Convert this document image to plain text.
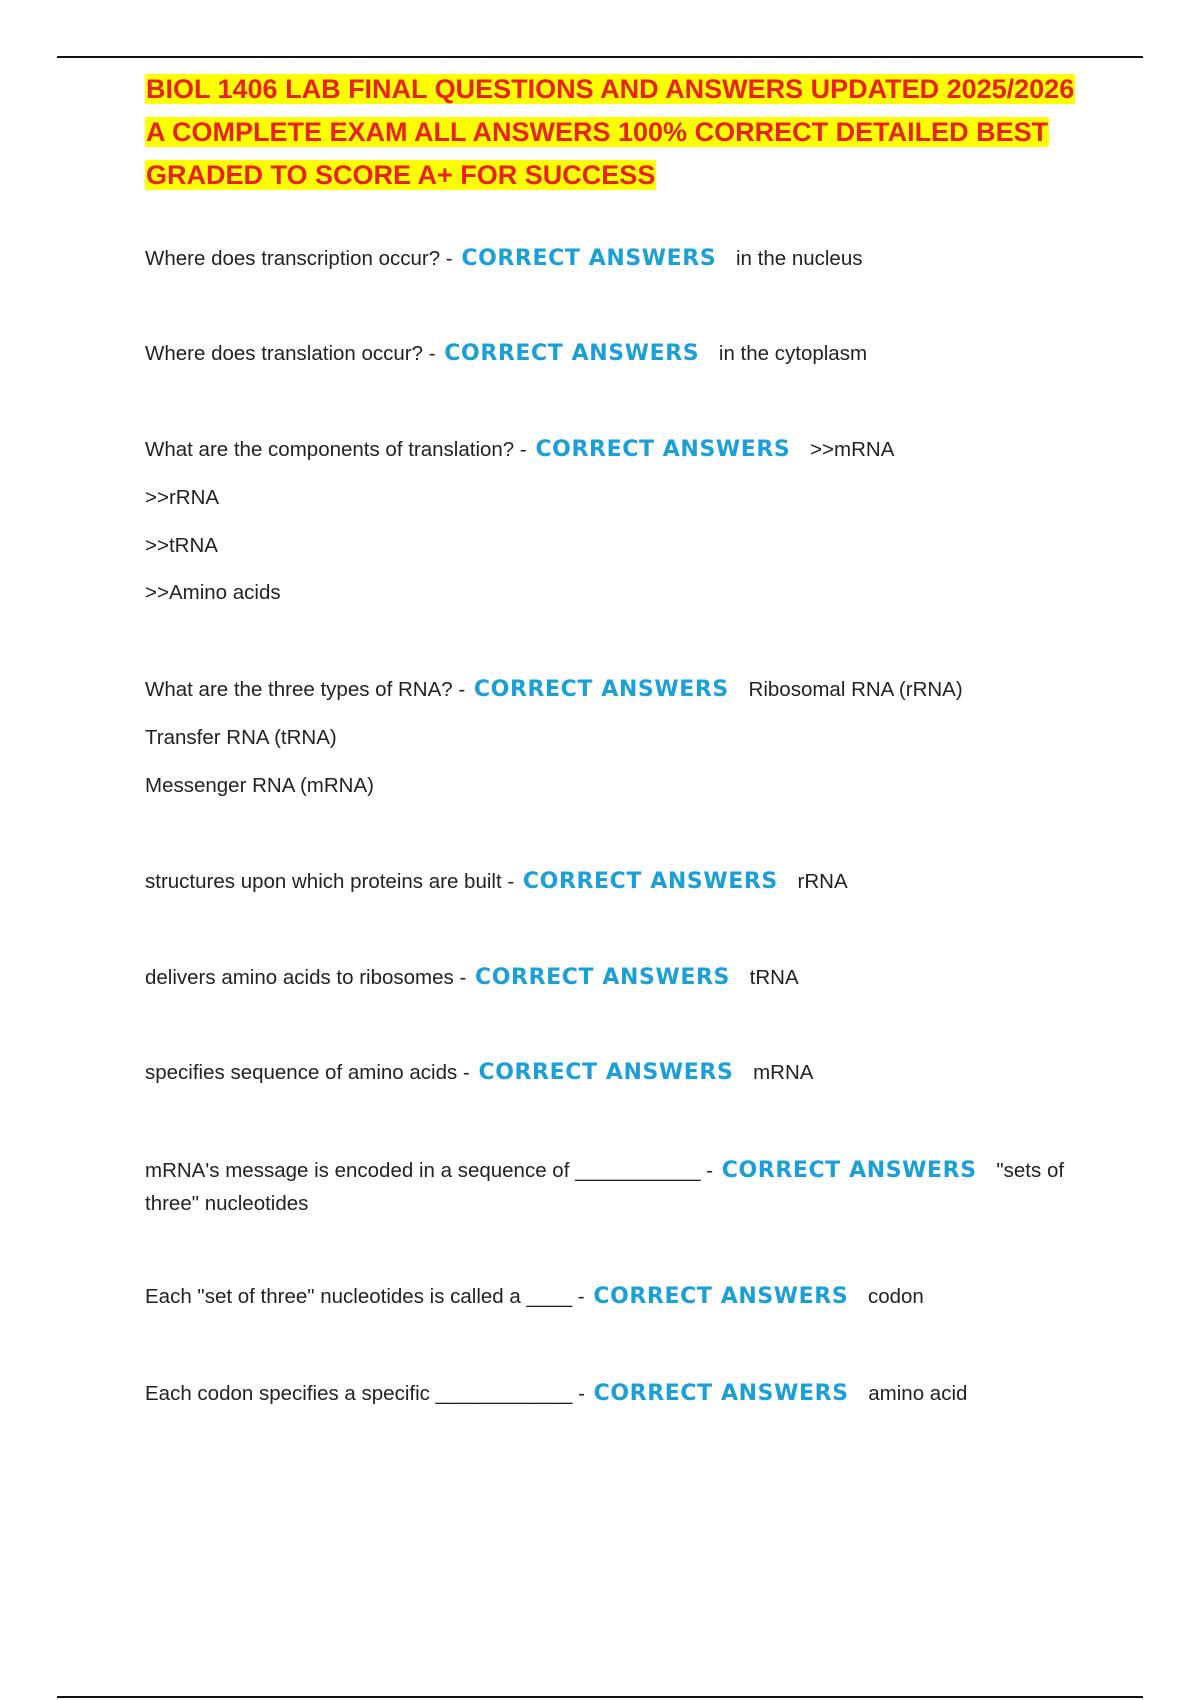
BIOL 1406 LAB FINAL QUESTIONS AND ANSWERS UPDATED 2025/2026
A COMPLETE EXAM ALL ANSWERS 100% CORRECT DETAILED BEST
GRADED TO SCORE A+ FOR SUCCESS
Where does transcription occur? - CORRECT ANSWERS in the nucleus
Where does translation occur? - CORRECT ANSWERS in the cytoplasm
What are the components of translation? - CORRECT ANSWERS >>mRNA
>>rRNA
>>tRNA
>>Amino acids
What are the three types of RNA? - CORRECT ANSWERS Ribosomal RNA (rRNA)
Transfer RNA (tRNA)
Messenger RNA (mRNA)
structures upon which proteins are built - CORRECT ANSWERS rRNA
delivers amino acids to ribosomes - CORRECT ANSWERS tRNA
specifies sequence of amino acids - CORRECT ANSWERS mRNA
mRNA's message is encoded in a sequence of ___________ - CORRECT ANSWERS "sets of three" nucleotides
Each "set of three" nucleotides is called a ____ - CORRECT ANSWERS codon
Each codon specifies a specific ____________ - CORRECT ANSWERS amino acid
